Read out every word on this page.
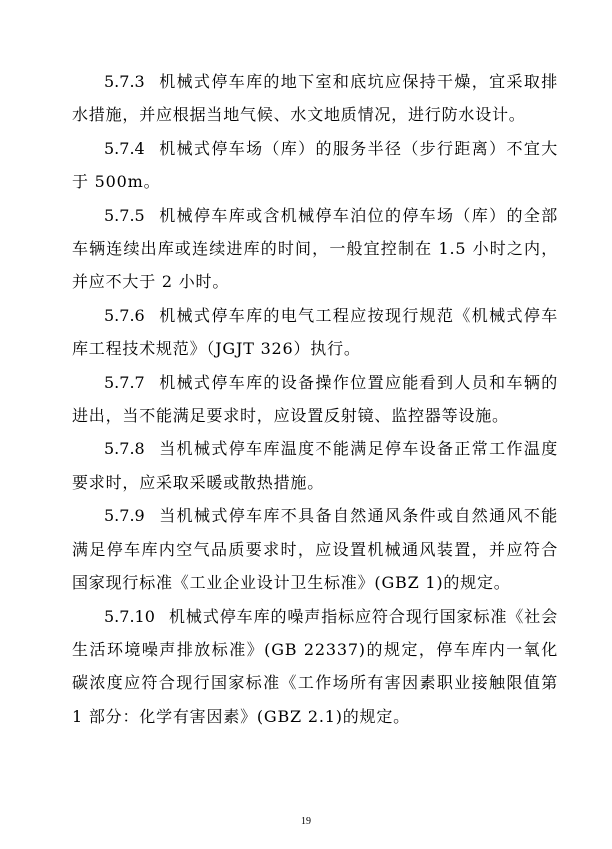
5.7.3 机械式停车库的地下室和底坑应保持干燥，宜采取排水措施，并应根据当地气候、水文地质情况，进行防水设计。

5.7.4 机械式停车场（库）的服务半径（步行距离）不宜大于 500m。

5.7.5 机械停车库或含机械停车泊位的停车场（库）的全部车辆连续出库或连续进库的时间，一般宜控制在 1.5 小时之内，并应不大于 2 小时。

5.7.6 机械式停车库的电气工程应按现行规范《机械式停车库工程技术规范》（JGJT 326）执行。

5.7.7 机械式停车库的设备操作位置应能看到人员和车辆的进出，当不能满足要求时，应设置反射镜、监控器等设施。

5.7.8 当机械式停车库温度不能满足停车设备正常工作温度要求时，应采取采暖或散热措施。

5.7.9 当机械式停车库不具备自然通风条件或自然通风不能满足停车库内空气品质要求时，应设置机械通风装置，并应符合国家现行标准《工业企业设计卫生标准》(GBZ 1)的规定。

5.7.10 机械式停车库的噪声指标应符合现行国家标准《社会生活环境噪声排放标准》(GB 22337)的规定，停车库内一氧化碳浓度应符合现行国家标准《工作场所有害因素职业接触限值第 1 部分：化学有害因素》(GBZ 2.1)的规定。

19
